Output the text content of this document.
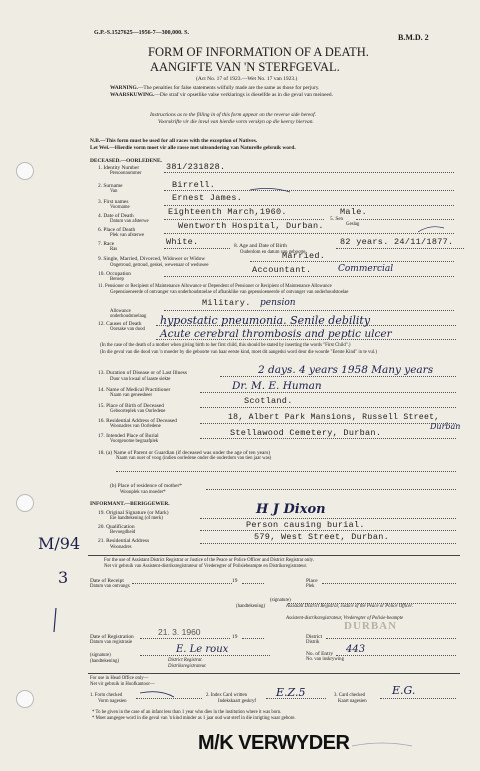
G.P.-S.1527625—1956-7—300,000. S.	B.M.D. 2
FORM OF INFORMATION OF A DEATH.
AANGIFTE VAN 'N STERFGEVAL.
(Act No. 17 of 1923.—Wet No. 17 van 1923.)
WARNING.—The penalties for false statements wilfully made are the same as those for perjury.
WAARSKUWING.—Die straf vir opsetlike valse verklarings is dieselfde as in die geval van meineed.
Instructions as to the filling in of this form appear on the reverse side hereof.
Voorskrifte vir die invul van hierdie vorm verskyn op die keersy hiervan.
N.B.—This form must be used for all races with the exception of Natives.
Let Wel.—Hierdie vorm moet vir alle rasse met uitsondering van Naturelle gebruik word.
DECEASED.—OORLEDENE.
1. Identity Number
Persoonnommer
381/231828.
2. Surname
Van
Birrell.
3. First names
Voorname
Ernest James.
4. Date of Death
Datum van afsterwe
Eighteenth March,1960.	Male.
5. Sex
Geslag
6. Place of Death
Plek van afsterwe
Wentworth Hospital, Durban.
7. Race
Ras
White.	8. Age and Date of Birth
Ouderdom en datum van geboorte
82 years. 24/11/1877.
9. Single, Married, Divorced, Widower or Widow
Ongetroud, getroud, geskei, wewenaar of weduwee
Married.
10. Occupation
Beroep
Accountant.	Commercial
11. Pensioner or Recipient of Maintenance Allowance or Dependent of Pensioner or Recipient of Maintenance Allowance
Gepensioeneerde of ontvanger van onderhoudstoelae of afhanklike van gepensioeneerde of ontvanger van onderhoudstoelae
Allowance
onderhoudstoelaag
Military. pension
12. Causes of Death
Oorsake van dood
hypostatic pneumonia. Senile debility
Acute cerebral thrombosis and peptic ulcer
(In the case of the death of a mother when giving birth to her first child, this should be stated by inserting the words "First Child".)
(In die geval van die dood van 'n moeder by die geboorte van haar eerste kind, moet dit aangedui word deur die woorde "Eerste Kind" in te vul.)
13. Duration of Disease or of Last Illness
Duur van kwaal of laaste siekte
2 days. 4 years 1958 Many years
14. Name of Medical Practitioner
Naam van geneesheer
Dr. M. E. Human
15. Place of Birth of Deceased
Geboorteplek van Oorledene
Scotland.
16. Residential Address of Deceased
Woonadres van Oorledene
18, Albert Park Mansions, Russell Street,
Durban
17. Intended Place of Burial
Voorgenome begraafplek
Stellawood Cemetery, Durban.
18. (a) Name of Parent or Guardian (if deceased was under the age of ten years)
Naam van ouer of voog (indien oorledene onder die ouderdom van tien jaar was)
(b) Place of residence of mother*
Woonplek van moeder*
INFORMANT.—BERIGGEWER.
19. Original Signature (or Mark)
Eie handtekening (of merk)
H J Dixon
20. Qualification
Bevoegdheid
Person causing burial.
21. Residential Address
Woonadres
579, West Street, Durban.
For the use of Assistant District Registrar or Justice of the Peace or Police Officer and District Registrar only.
Net vir gebruik van Assistent-distriksregistrateur of Vrederegter of Polisiebeampte en Distriksregistrateur.
Date of Receipt
Datum van ontvangs
19	Place
Plek
(signature)
(handtekening)	Assistant District Registrar, Justice of the Peace or Police Officer.
Assistent-distriksregistrateur, Vrederegter of Polisie-beampte
DURBAN
Date of Registration
Datum van registrasie
21. 3. 1960	19	District
Distrik
E. Le roux
(signature)
(handtekening)	District Registrar.
Distriksregistrateur.
No. of Entry
No. van inskrywing
443
For use in Head Office only—
Net vir gebruik in Hoofkantoor—
1. Form checked
Vorm nagesien
2. Index Card written
Indekskaart geskryf
E.Z.5	3. Card checked
Kaart nagesien
E.G.
* To be given in the case of an infant less than 1 year who dies in the institution where it was born.
* Moet aangegee word in die geval van 'n kind minder as 1 jaar oud wat sterf in die inrigting waar gebore.
M/94
3
M/K VERWYDER
